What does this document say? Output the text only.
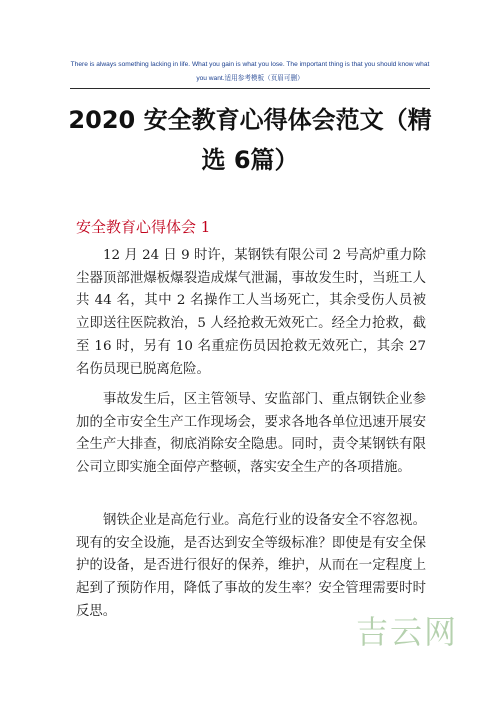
There is always something lacking in life. What you gain is what you lose. The important thing is that you should know what you want.适用参考模板（页眉可删）
2020 安全教育心得体会范文（精选 6篇）
安全教育心得体会 1
12 月 24 日 9 时许，某钢铁有限公司 2 号高炉重力除尘器顶部泄爆板爆裂造成煤气泄漏，事故发生时，当班工人共 44 名，其中 2 名操作工人当场死亡，其余受伤人员被立即送往医院救治，5 人经抢救无效死亡。经全力抢救，截至 16 时，另有 10 名重症伤员因抢救无效死亡，其余 27 名伤员现已脱离危险。
事故发生后，区主管领导、安监部门、重点钢铁企业参加的全市安全生产工作现场会，要求各地各单位迅速开展安全生产大排查，彻底消除安全隐患。同时，责令某钢铁有限公司立即实施全面停产整顿，落实安全生产的各项措施。
钢铁企业是高危行业。高危行业的设备安全不容忽视。现有的安全设施，是否达到安全等级标准？即使是有安全保护的设备，是否进行很好的保养，维护，从而在一定程度上起到了预防作用，降低了事故的发生率？安全管理需要时时反思。
吉云网
